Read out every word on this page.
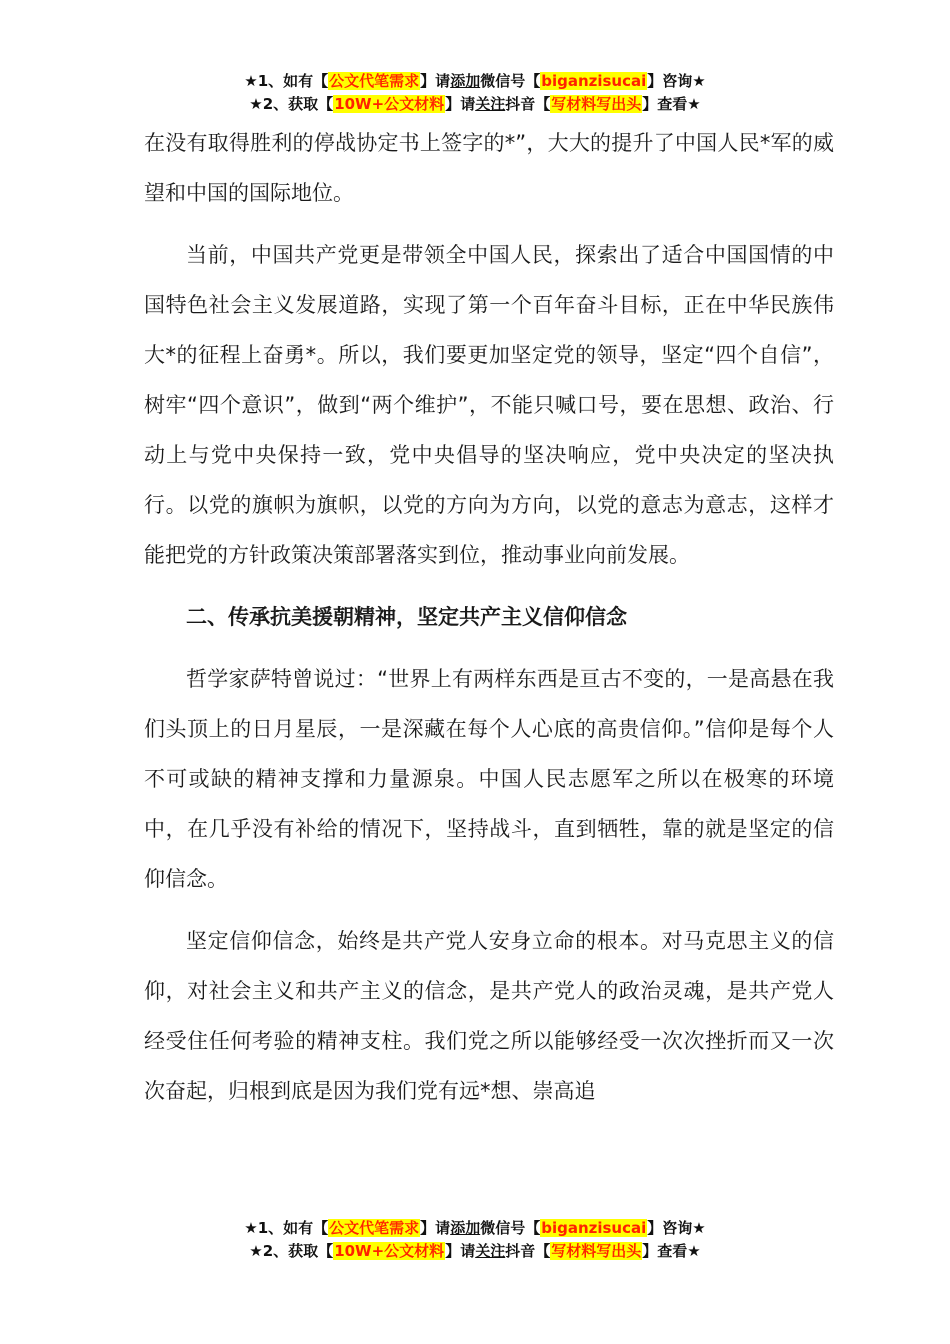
★1、如有【公文代笔需求】请添加微信号【biganzisucai】咨询★
★2、获取【10W+公文材料】请关注抖音【写材料写出头】查看★

在没有取得胜利的停战协定书上签字的*”，大大的提升了中国人民*军的威望和中国的国际地位。

当前，中国共产党更是带领全中国人民，探索出了适合中国国情的中国特色社会主义发展道路，实现了第一个百年奋斗目标，正在中华民族伟大*的征程上奋勇*。所以，我们要更加坚定党的领导，坚定“四个自信”，树牢“四个意识”，做到“两个维护”，不能只喊口号，要在思想、政治、行动上与党中央保持一致，党中央倡导的坚决响应，党中央决定的坚决执行。以党的旗帜为旗帜，以党的方向为方向，以党的意志为意志，这样才能把党的方针政策决策部署落实到位，推动事业向前发展。

二、传承抗美援朝精神，坚定共产主义信仰信念

哲学家萨特曾说过：“世界上有两样东西是亘古不变的，一是高悬在我们头顶上的日月星辰，一是深藏在每个人心底的高贵信仰。”信仰是每个人不可或缺的精神支撑和力量源泉。中国人民志愿军之所以在极寒的环境中，在几乎没有补给的情况下，坚持战斗，直到牺牲，靠的就是坚定的信仰信念。

坚定信仰信念，始终是共产党人安身立命的根本。对马克思主义的信仰，对社会主义和共产主义的信念，是共产党人的政治灵魂，是共产党人经受住任何考验的精神支柱。我们党之所以能够经受一次次挫折而又一次次奋起，归根到底是因为我们党有远*想、崇高追

★1、如有【公文代笔需求】请添加微信号【biganzisucai】咨询★
★2、获取【10W+公文材料】请关注抖音【写材料写出头】查看★
